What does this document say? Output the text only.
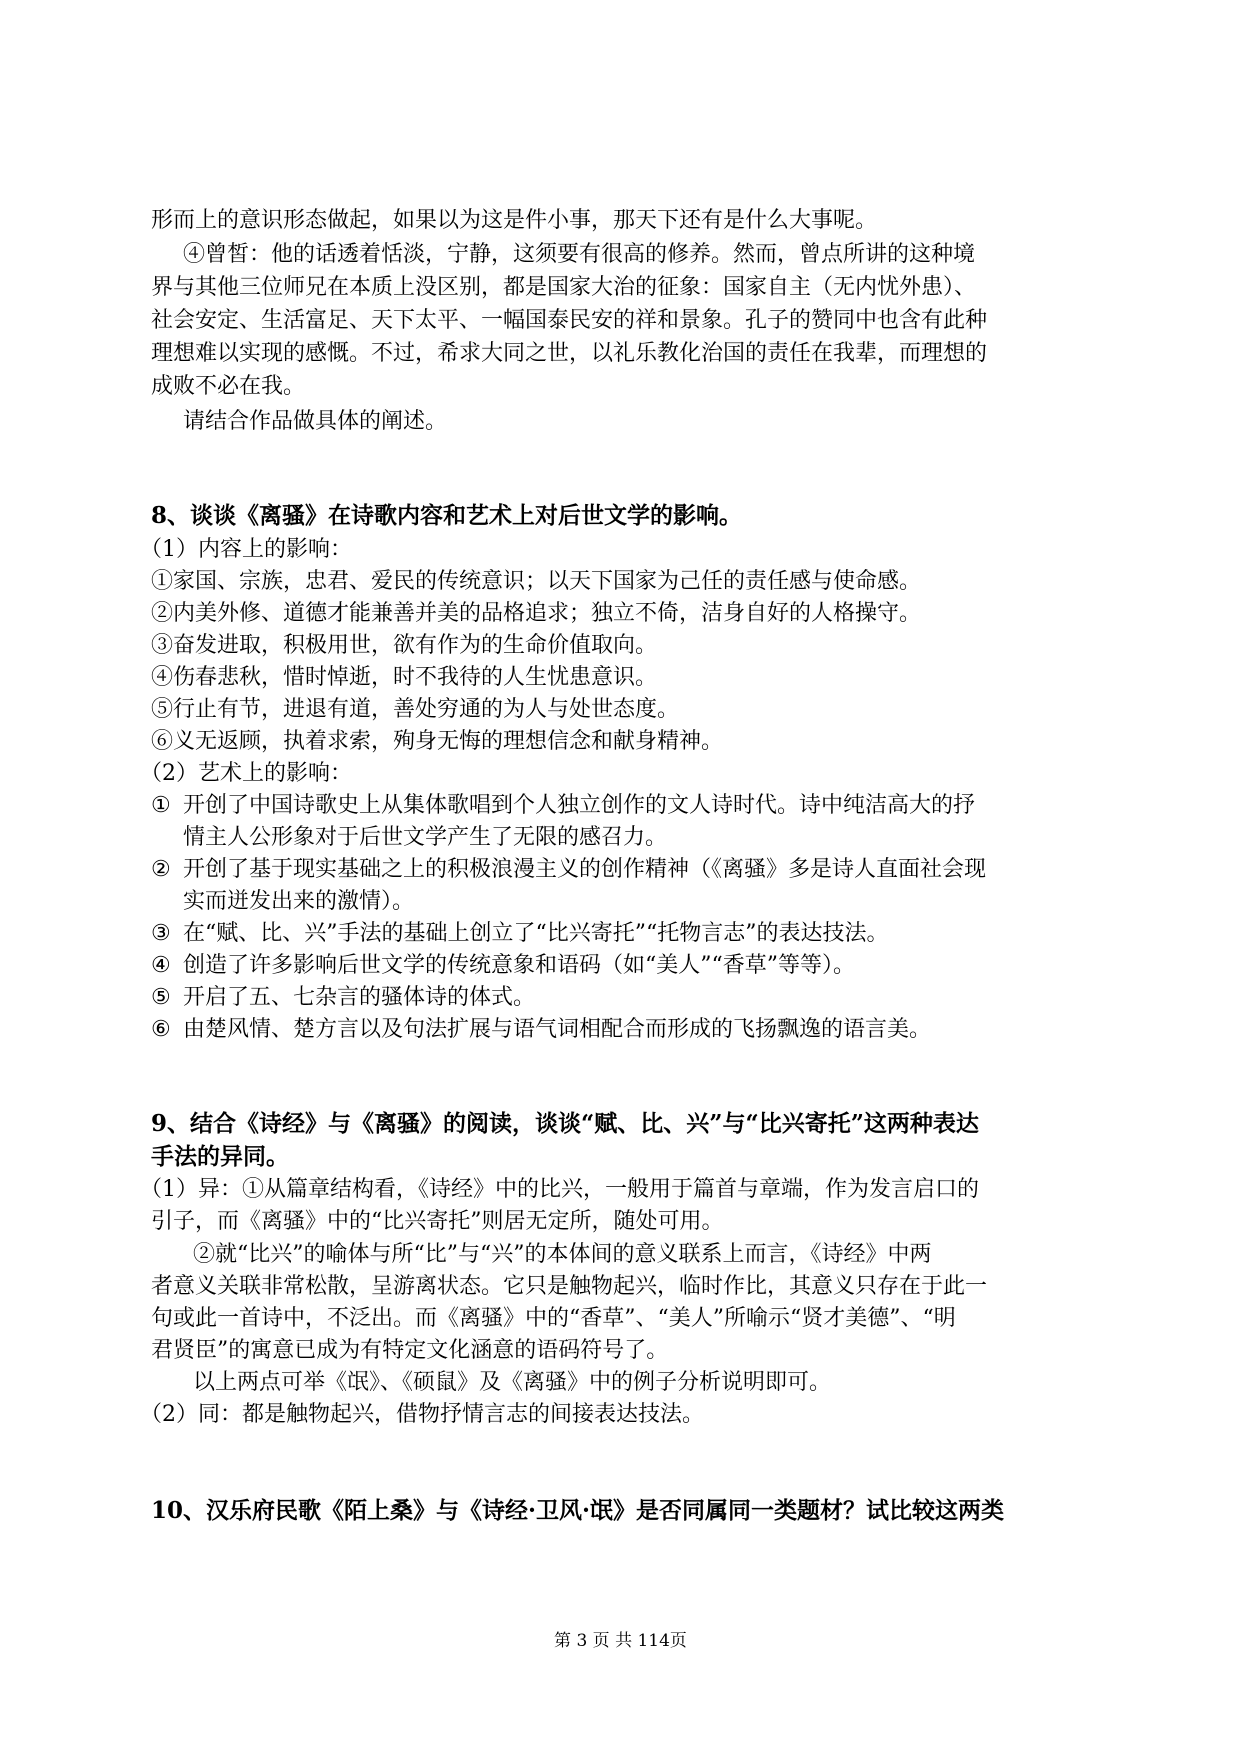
形而上的意识形态做起，如果以为这是件小事，那天下还有是什么大事呢。
④曾皙：他的话透着恬淡，宁静，这须要有很高的修养。然而，曾点所讲的这种境
界与其他三位师兄在本质上没区别，都是国家大治的征象：国家自主（无内忧外患）、
社会安定、生活富足、天下太平、一幅国泰民安的祥和景象。孔子的赞同中也含有此种
理想难以实现的感慨。不过，希求大同之世，以礼乐教化治国的责任在我辈，而理想的
成败不必在我。
请结合作品做具体的阐述。
8、谈谈《离骚》在诗歌内容和艺术上对后世文学的影响。
（1）内容上的影响：
①家国、宗族，忠君、爱民的传统意识；以天下国家为己任的责任感与使命感。
②内美外修、道德才能兼善并美的品格追求；独立不倚，洁身自好的人格操守。
③奋发进取，积极用世，欲有作为的生命价值取向。
④伤春悲秋，惜时悼逝，时不我待的人生忧患意识。
⑤行止有节，进退有道，善处穷通的为人与处世态度。
⑥义无返顾，执着求索，殉身无悔的理想信念和献身精神。
（2）艺术上的影响：
① 开创了中国诗歌史上从集体歌唱到个人独立创作的文人诗时代。诗中纯洁高大的抒
情主人公形象对于后世文学产生了无限的感召力。
② 开创了基于现实基础之上的积极浪漫主义的创作精神（《离骚》多是诗人直面社会现
实而迸发出来的激情）。
③ 在“赋、比、兴”手法的基础上创立了“比兴寄托”“托物言志”的表达技法。
④ 创造了许多影响后世文学的传统意象和语码（如“美人”“香草”等等）。
⑤ 开启了五、七杂言的骚体诗的体式。
⑥ 由楚风情、楚方言以及句法扩展与语气词相配合而形成的飞扬飘逸的语言美。
9、结合《诗经》与《离骚》的阅读，谈谈“赋、比、兴”与“比兴寄托”这两种表达
手法的异同。
（1）异：①从篇章结构看，《诗经》中的比兴，一般用于篇首与章端，作为发言启口的
引子，而《离骚》中的“比兴寄托”则居无定所，随处可用。
②就“比兴”的喻体与所“比”与“兴”的本体间的意义联系上而言，《诗经》中两
者意义关联非常松散，呈游离状态。它只是触物起兴，临时作比，其意义只存在于此一
句或此一首诗中，不泛出。而《离骚》中的“香草”、“美人”所喻示“贤才美德”、“明
君贤臣”的寓意已成为有特定文化涵意的语码符号了。
以上两点可举《氓》、《硕鼠》及《离骚》中的例子分析说明即可。
（2）同：都是触物起兴，借物抒情言志的间接表达技法。
10、汉乐府民歌《陌上桑》与《诗经·卫风·氓》是否同属同一类题材？试比较这两类
第 3 页 共 114页
